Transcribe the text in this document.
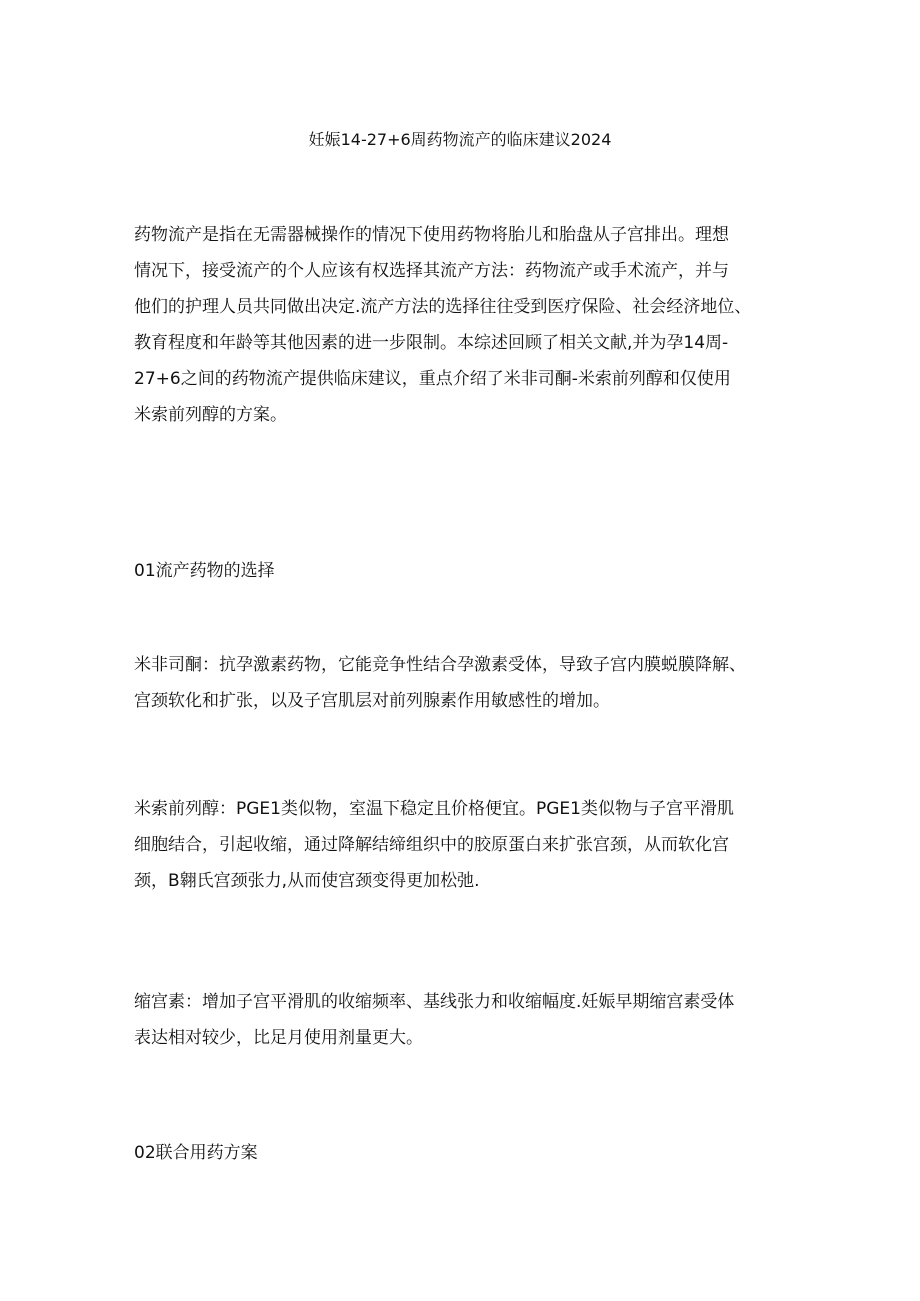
妊娠14-27+6周药物流产的临床建议2024
药物流产是指在无需器械操作的情况下使用药物将胎儿和胎盘从子宫排出。理想
情况下，接受流产的个人应该有权选择其流产方法：药物流产或手术流产，并与
他们的护理人员共同做出决定.流产方法的选择往往受到医疗保险、社会经济地位、
教育程度和年龄等其他因素的进一步限制。本综述回顾了相关文献,并为孕14周-
27+6之间的药物流产提供临床建议，重点介绍了米非司酮-米索前列醇和仅使用
米索前列醇的方案。
01流产药物的选择
米非司酮：抗孕激素药物，它能竞争性结合孕激素受体，导致子宫内膜蜕膜降解、
宫颈软化和扩张，以及子宫肌层对前列腺素作用敏感性的增加。
米索前列醇：PGE1类似物，室温下稳定且价格便宜。PGE1类似物与子宫平滑肌
细胞结合，引起收缩，通过降解结缔组织中的胶原蛋白来扩张宫颈，从而软化宫
颈，B翱氏宫颈张力,从而使宫颈变得更加松弛.
缩宫素：增加子宫平滑肌的收缩频率、基线张力和收缩幅度.妊娠早期缩宫素受体
表达相对较少，比足月使用剂量更大。
02联合用药方案
